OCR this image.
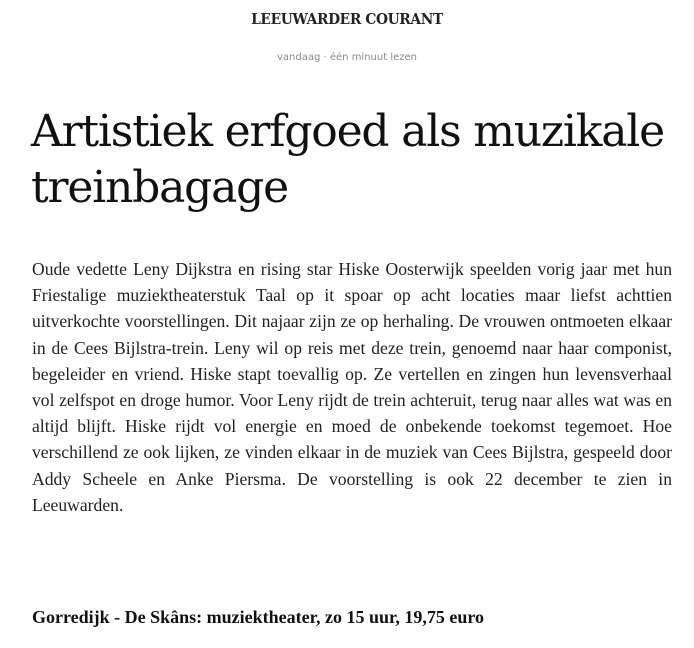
LEEUWARDER COURANT
vandaag · één minuut lezen
Artistiek erfgoed als muzikale treinbagage

Oude vedette Leny Dijkstra en rising star Hiske Oosterwijk speelden vorig jaar met hun Friestalige muziektheaterstuk Taal op it spoar op acht locaties maar liefst achttien uitverkochte voorstellingen. Dit najaar zijn ze op herhaling. De vrouwen ontmoeten elkaar in de Cees Bijlstra-trein. Leny wil op reis met deze trein, genoemd naar haar componist, begeleider en vriend. Hiske stapt toevallig op. Ze vertellen en zingen hun levensverhaal vol zelfspot en droge humor. Voor Leny rijdt de trein achteruit, terug naar alles wat was en altijd blijft. Hiske rijdt vol energie en moed de onbekende toekomst tegemoet. Hoe verschillend ze ook lijken, ze vinden elkaar in de muziek van Cees Bijlstra, gespeeld door Addy Scheele en Anke Piersma. De voorstelling is ook 22 december te zien in Leeuwarden.

Gorredijk - De Skâns: muziektheater, zo 15 uur, 19,75 euro
